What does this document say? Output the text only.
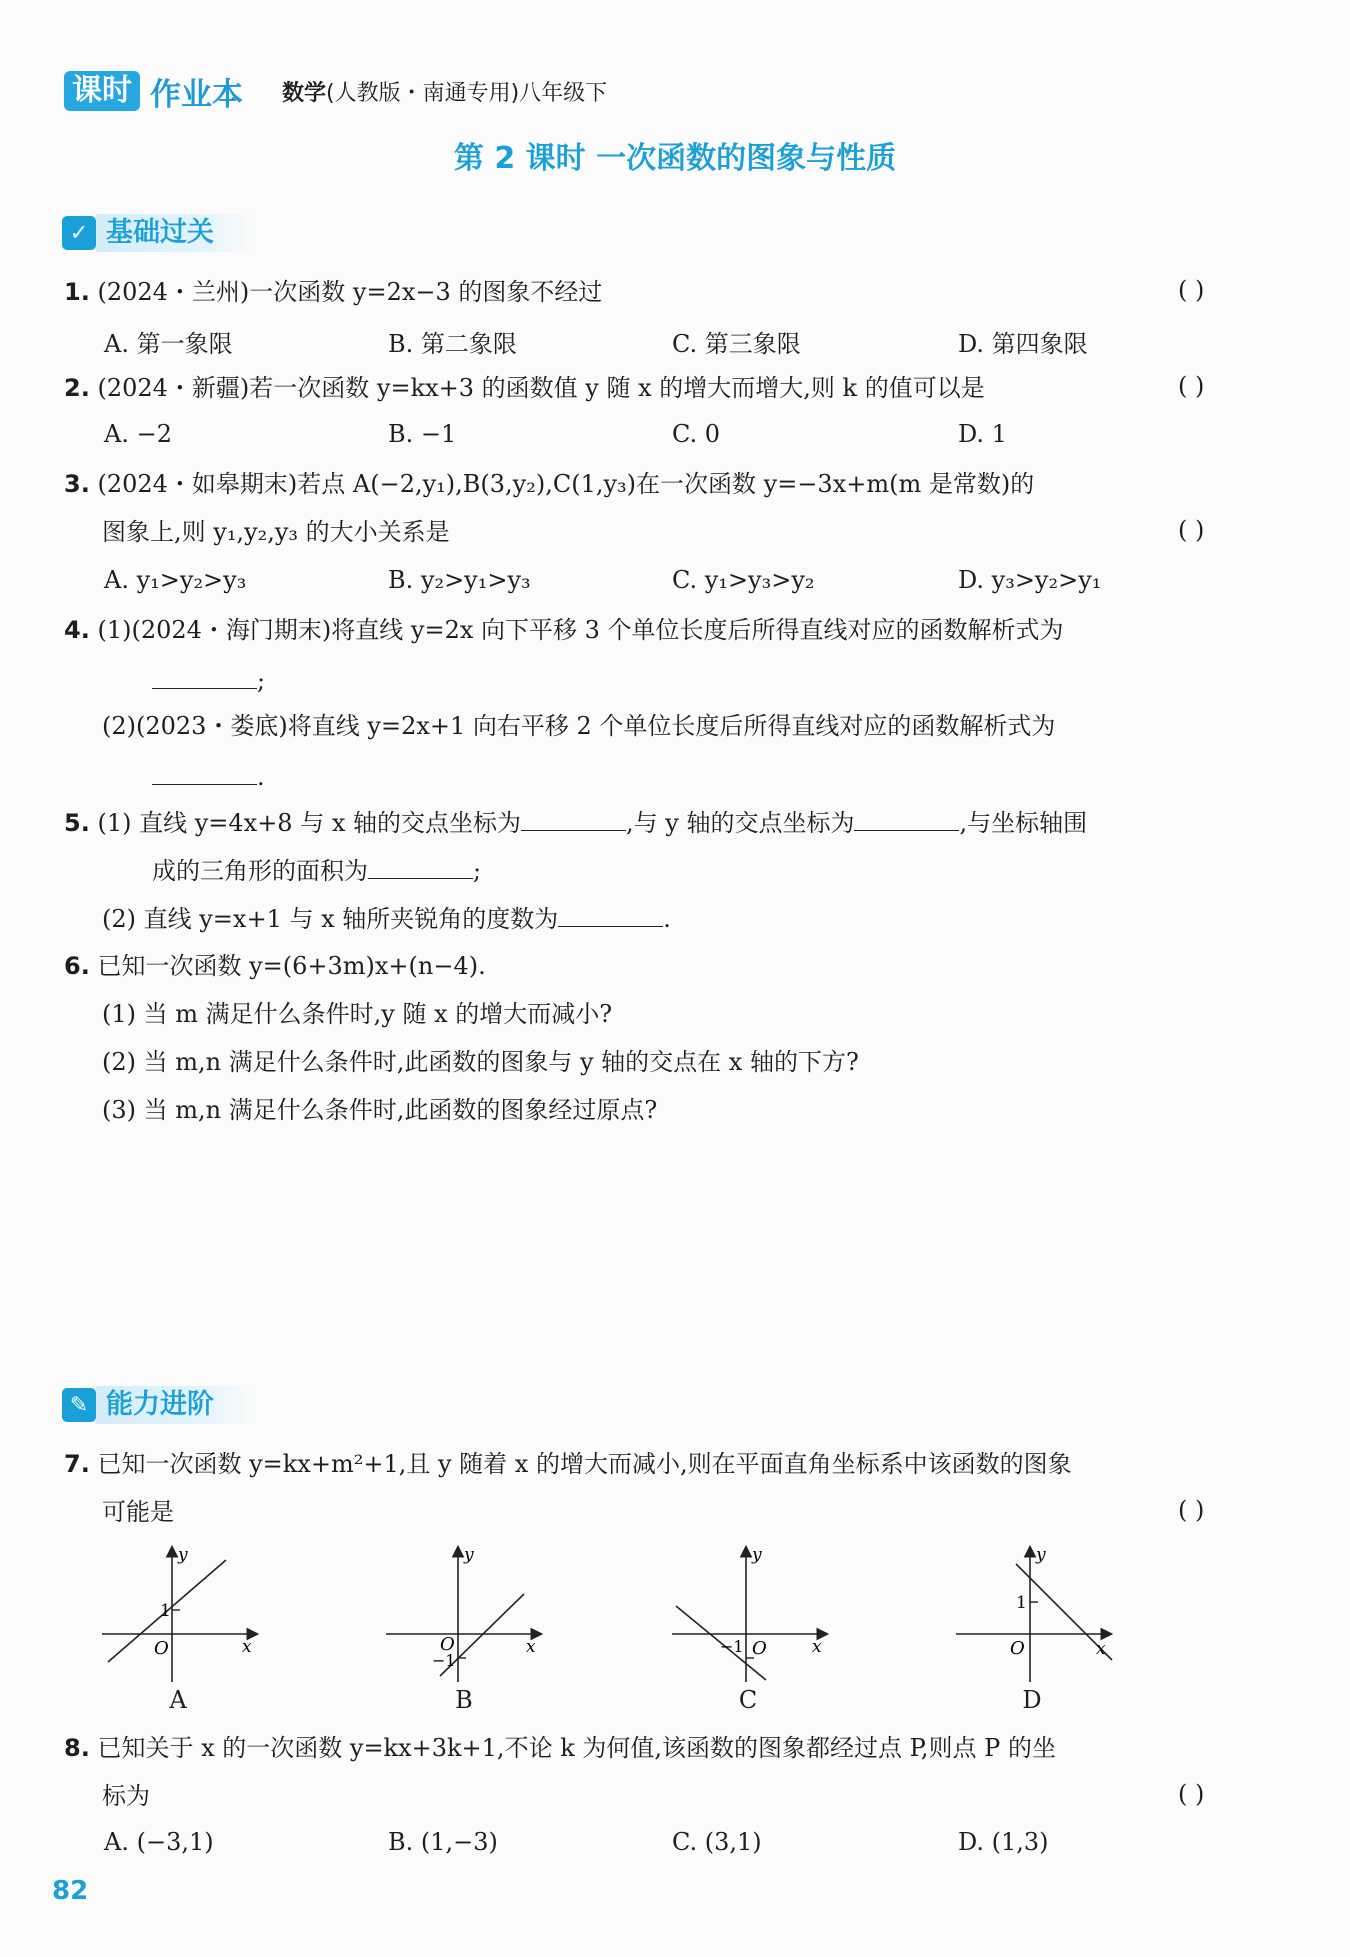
课时 作业本 数学(人教版・南通专用)八年级下
第 2 课时 一次函数的图象与性质
✓ 基础过关
1. (2024・兰州)一次函数 y=2x−3 的图象不经过	( )
A. 第一象限	B. 第二象限	C. 第三象限	D. 第四象限
2. (2024・新疆)若一次函数 y=kx+3 的函数值 y 随 x 的增大而增大,则 k 的值可以是	( )
A. −2	B. −1	C. 0	D. 1
3. (2024・如皋期末)若点 A(−2,y₁),B(3,y₂),C(1,y₃)在一次函数 y=−3x+m(m 是常数)的
图象上,则 y₁,y₂,y₃ 的大小关系是	( )
A. y₁>y₂>y₃	B. y₂>y₁>y₃	C. y₁>y₃>y₂	D. y₃>y₂>y₁
4. (1)(2024・海门期末)将直线 y=2x 向下平移 3 个单位长度后所得直线对应的函数解析式为
;
(2)(2023・娄底)将直线 y=2x+1 向右平移 2 个单位长度后所得直线对应的函数解析式为
.
5. (1) 直线 y=4x+8 与 x 轴的交点坐标为	,与 y 轴的交点坐标为	,与坐标轴围
成的三角形的面积为	;
(2) 直线 y=x+1 与 x 轴所夹锐角的度数为	.
6. 已知一次函数 y=(6+3m)x+(n−4).
(1) 当 m 满足什么条件时,y 随 x 的增大而减小?
(2) 当 m,n 满足什么条件时,此函数的图象与 y 轴的交点在 x 轴的下方?
(3) 当 m,n 满足什么条件时,此函数的图象经过原点?
✎ 能力进阶
7. 已知一次函数 y=kx+m²+1,且 y 随着 x 的增大而减小,则在平面直角坐标系中该函数的图象
可能是	( )
y
x
O
1
A
y
x
O
−1
B
y
x
O
−1
C
y
x
O
1
D
8. 已知关于 x 的一次函数 y=kx+3k+1,不论 k 为何值,该函数的图象都经过点 P,则点 P 的坐
标为	( )
A. (−3,1)	B. (1,−3)	C. (3,1)	D. (1,3)
82
